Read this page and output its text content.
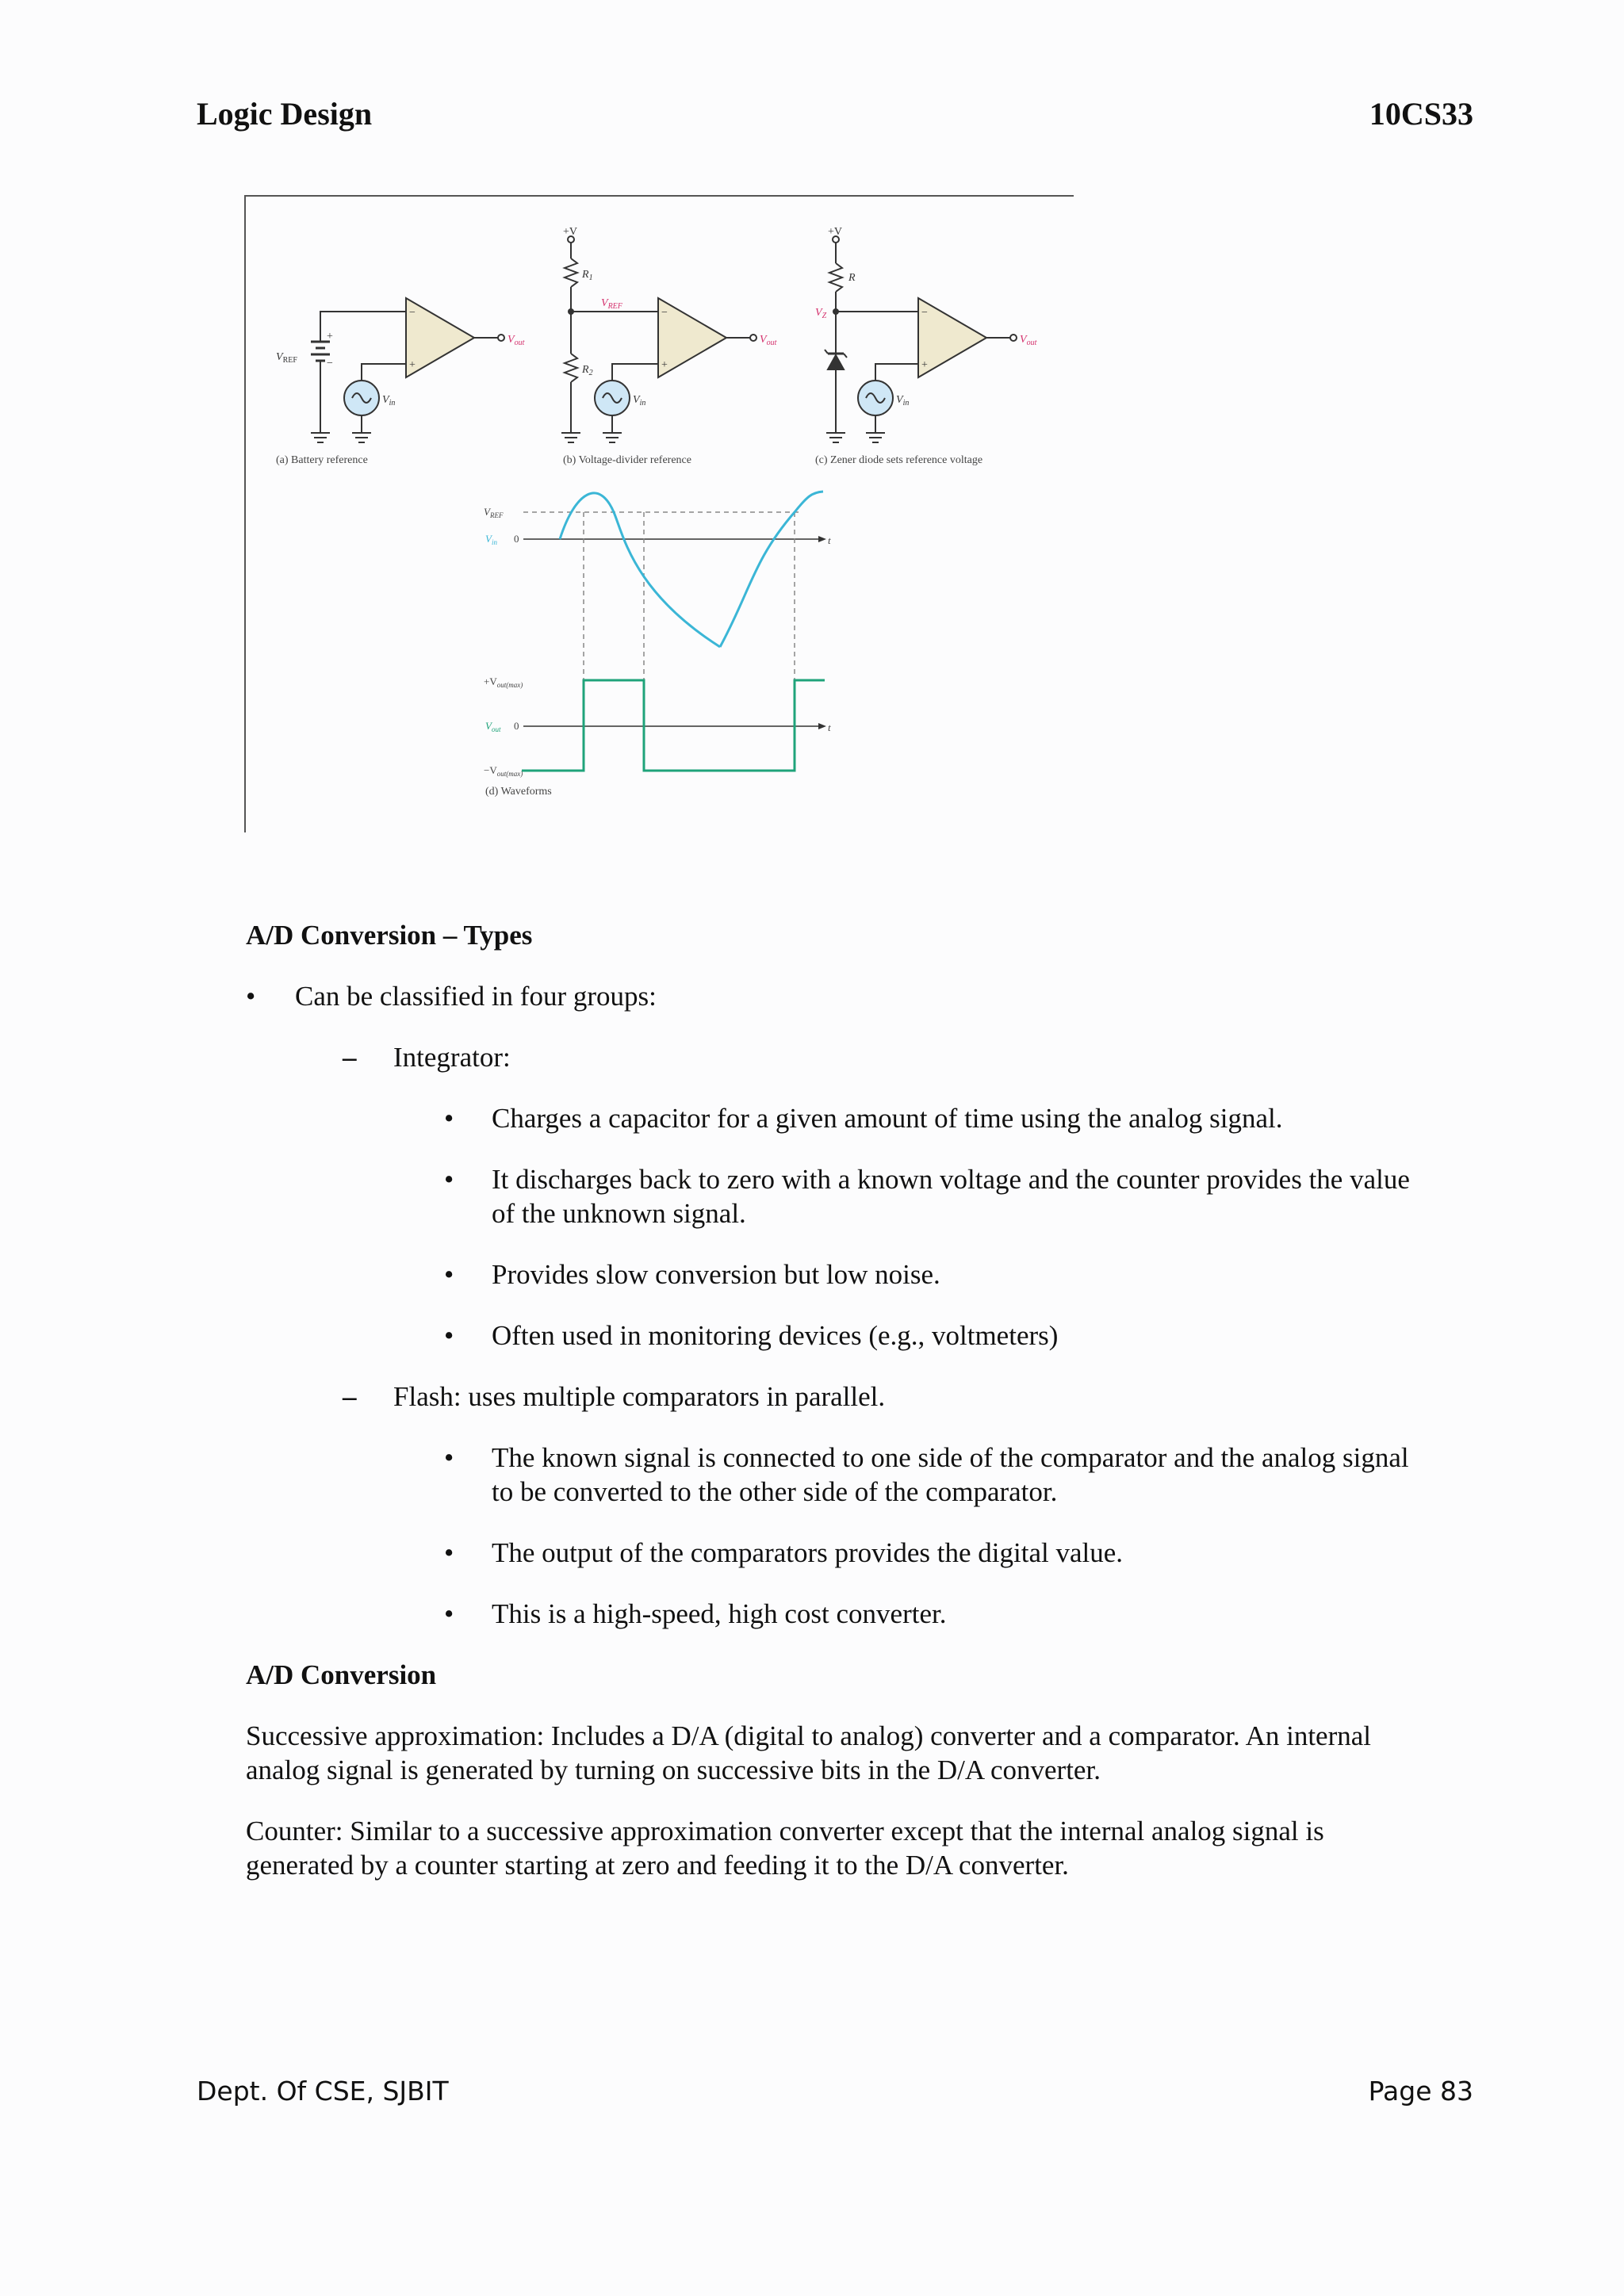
Logic Design	10CS33
−
+
−
+
−
+
+
−
$V_{REF}$
$V_{in}$	$V_{in}$	$V_{in}$
+V	+V
$R_1$
$R_2$
R
$V_{out}$	$V_{out}$	$V_{out}$
$V_{REF}$
$V_Z$
(a) Battery reference	(b) Voltage-divider reference	(c) Zener diode sets reference voltage
(d) Waveforms
$V_{REF}$
$+V_{out(max)}$
$-V_{out(max)}$
t
t
0
0
$V_{in}$
$V_{out}$

A/D Conversion – Types

• Can be classified in four groups:
– Integrator:
• Charges a capacitor for a given amount of time using the analog signal.
• It discharges back to zero with a known voltage and the counter provides the value of the unknown signal.
• Provides slow conversion but low noise.
• Often used in monitoring devices (e.g., voltmeters)
– Flash: uses multiple comparators in parallel.
• The known signal is connected to one side of the comparator and the analog signal to be converted to the other side of the comparator.
• The output of the comparators provides the digital value.
• This is a high-speed, high cost converter.

A/D Conversion

Successive approximation: Includes a D/A (digital to analog) converter and a comparator. An internal analog signal is generated by turning on successive bits in the D/A converter.

Counter: Similar to a successive approximation converter except that the internal analog signal is generated by a counter starting at zero and feeding it to the D/A converter.

Dept. Of CSE, SJBIT	Page 83
